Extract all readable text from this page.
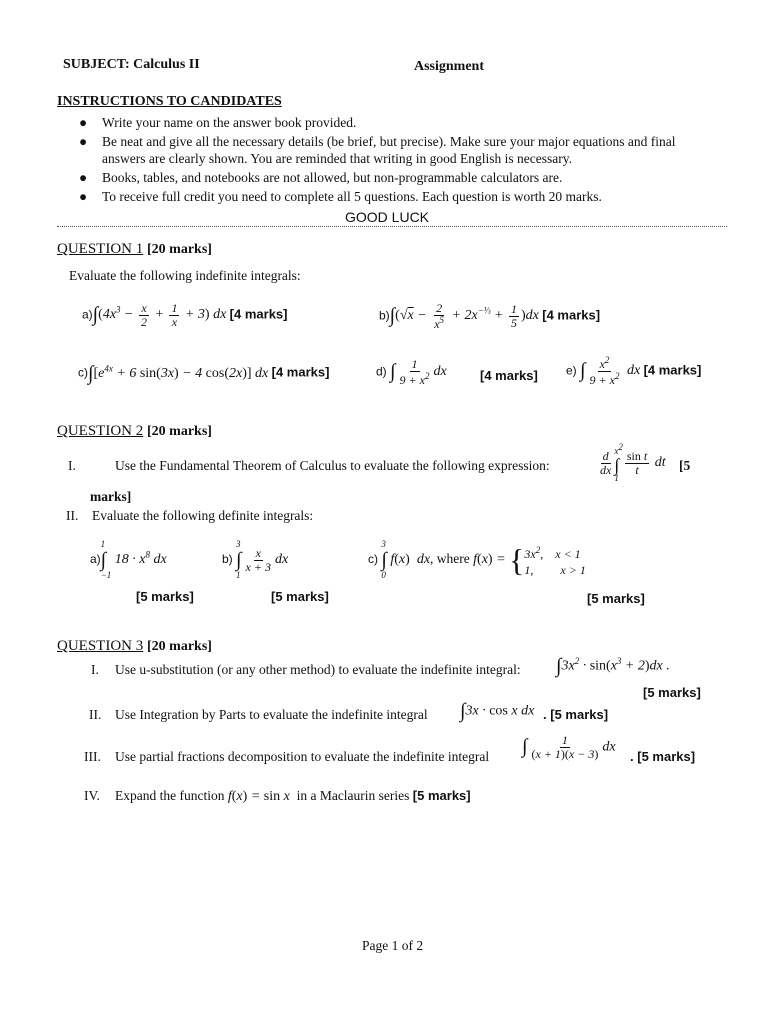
SUBJECT: Calculus II	Assignment
INSTRUCTIONS TO CANDIDATES
● Write your name on the answer book provided.
● Be neat and give all the necessary details (be brief, but precise). Make sure your major equations and final
answers are clearly shown. You are reminded that writing in good English is necessary.
● Books, tables, and notebooks are not allowed, but non-programmable calculators are.
● To receive full credit you need to complete all 5 questions. Each question is worth 20 marks.
GOOD LUCK
QUESTION 1 [20 marks]
Evaluate the following indefinite integrals:
$a)\int(4x^3 - \frac{x}{2} + \frac{1}{x} + 3)$ dx [4 marks]	$b)\int(√x - \frac{2}{x^5} + 2x^{-\frac{1}{3}} + \frac{1}{5} )dx$ [4 marks]
$c)\int[e^{4x} + 6$ sin(3x) − 4 cos(2x)] dx [4 marks]	d) ∫ $\frac{1}{9 + x^2}$ dx	[4 marks] e) ∫ $\frac{x^2}{9 + x^2}$ dx [4 marks]
QUESTION 2 [20 marks]
I.	Use the Fundamental Theorem of Calculus to evaluate the following expression:	$\frac{d}{dx} x^2$
∫
1
$\frac{\text{sin t}}{t}$ dt [5
marks]
II. Evaluate the following definite integrals:
a)
1
∫
−1
$18 \cdot x^8$ dx
[5 marks]
b)
3
∫
1
$\frac{x}{x + 3}$ dx
[5 marks]
c)
3
∫
0
f(x) dx, where f(x) = { $3x^2$,    x < 1
1,         x > 1
[5 marks]
QUESTION 3 [20 marks]
I. Use u-substitution (or any other method) to evaluate the indefinite integral: $\int 3x^2 \cdot \sin(x^3 + 2)dx$ .
[5 marks]
II. Use Integration by Parts to evaluate the indefinite integral ∫3x · cos x dx . [5 marks]
III. Use partial fractions decomposition to evaluate the indefinite integral ∫ $\frac{1}{(x + 1)(x - 3)}$ dx
. [5 marks]
IV. Expand the function f(x) = sin x in a Maclaurin series [5 marks]
Page 1 of 2
